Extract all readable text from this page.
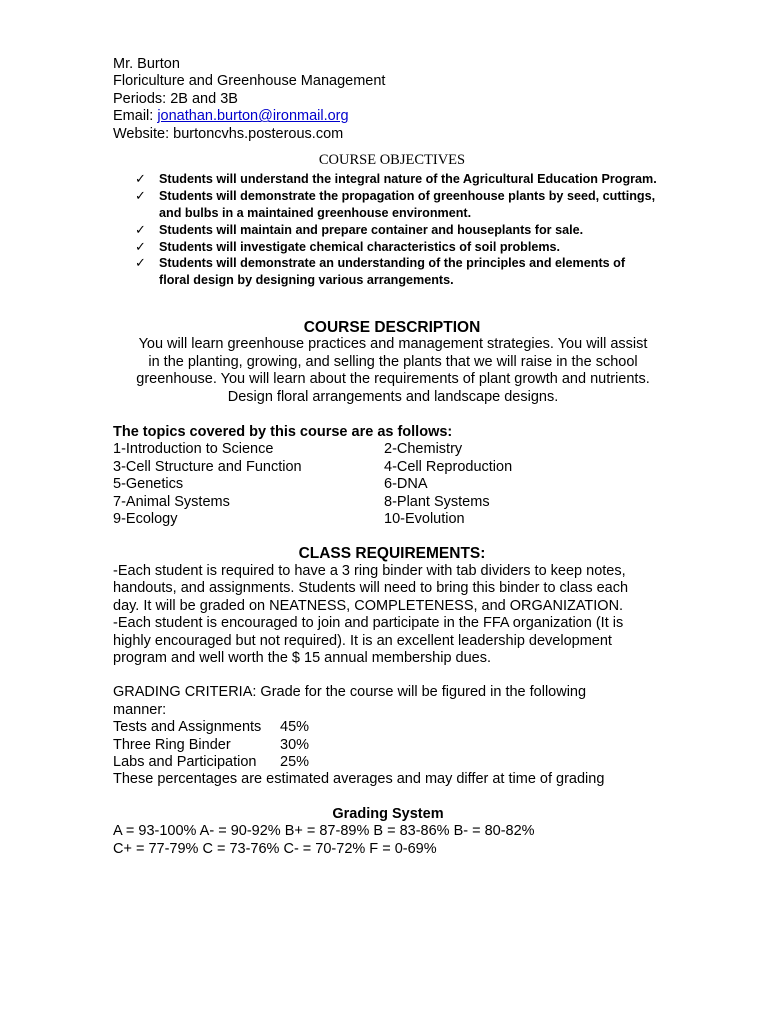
Mr. Burton
Floriculture and Greenhouse Management
Periods: 2B and 3B
Email: jonathan.burton@ironmail.org
Website: burtoncvhs.posterous.com
COURSE OBJECTIVES
✓ Students will understand the integral nature of the Agricultural Education Program.
✓ Students will demonstrate the propagation of greenhouse plants by seed, cuttings, and bulbs in a maintained greenhouse environment.
✓ Students will maintain and prepare container and houseplants for sale.
✓ Students will investigate chemical characteristics of soil problems.
✓ Students will demonstrate an understanding of the principles and elements of floral design by designing various arrangements.
COURSE DESCRIPTION
You will learn greenhouse practices and management strategies. You will assist
in the planting, growing, and selling the plants that we will raise in the school
greenhouse. You will learn about the requirements of plant growth and nutrients.
Design floral arrangements and landscape designs.
The topics covered by this course are as follows:
1-Introduction to Science	2-Chemistry
3-Cell Structure and Function	4-Cell Reproduction
5-Genetics	6-DNA
7-Animal Systems	8-Plant Systems
9-Ecology	10-Evolution
CLASS REQUIREMENTS:
-Each student is required to have a 3 ring binder with tab dividers to keep notes,
handouts, and assignments. Students will need to bring this binder to class each
day. It will be graded on NEATNESS, COMPLETENESS, and ORGANIZATION.
-Each student is encouraged to join and participate in the FFA organization (It is
highly encouraged but not required). It is an excellent leadership development
program and well worth the $ 15 annual membership dues.
GRADING CRITERIA: Grade for the course will be figured in the following
manner:
Tests and Assignments	45%
Three Ring Binder	30%
Labs and Participation	25%
These percentages are estimated averages and may differ at time of grading
Grading System
A = 93-100% A- = 90-92% B+ = 87-89% B = 83-86% B- = 80-82%
C+ = 77-79% C = 73-76% C- = 70-72% F = 0-69%
